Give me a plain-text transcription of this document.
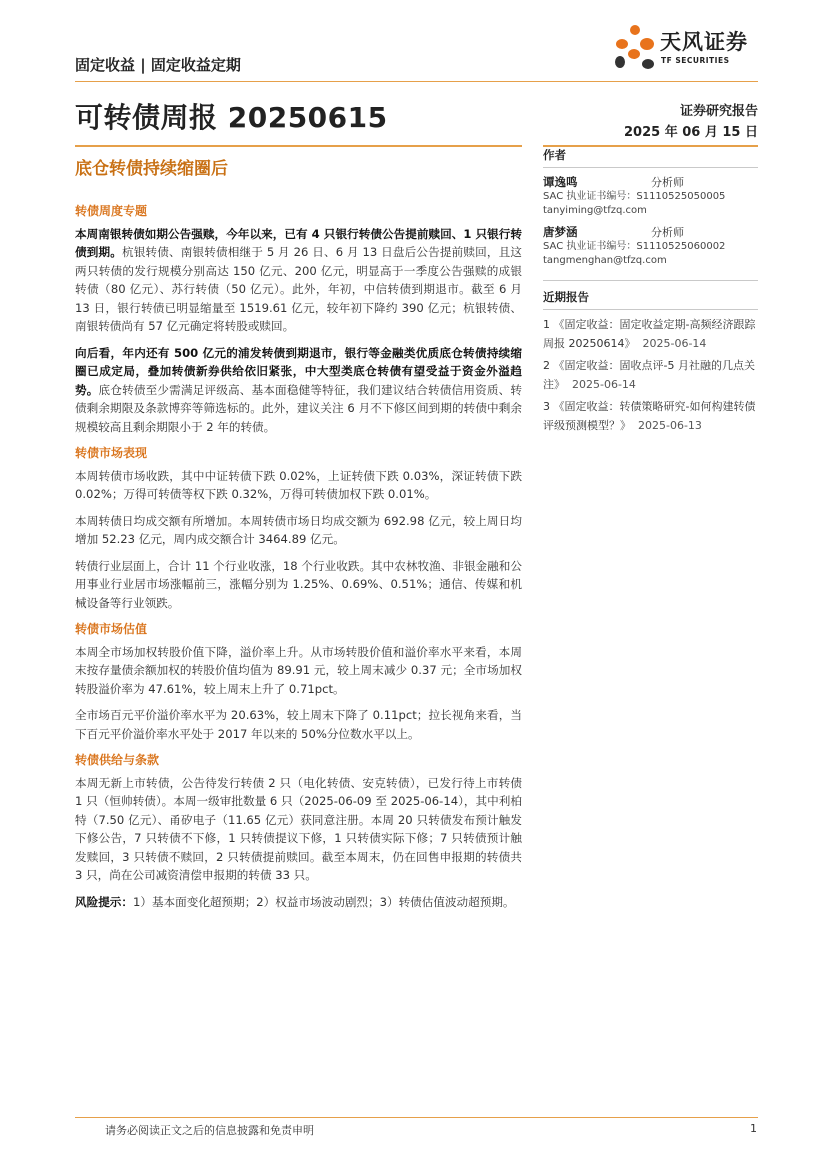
固定收益 | 固定收益定期
天风证券
TF SECURITIES
可转债周报 20250615	证券研究报告
2025 年 06 月 15 日
底仓转债持续缩圈后
转债周度专题

本周南银转债如期公告强赎，今年以来，已有 4 只银行转债公告提前赎回、1 只银行转债到期。杭银转债、南银转债相继于 5 月 26 日、6 月 13 日盘后公告提前赎回，且这两只转债的发行规模分别高达 150 亿元、200 亿元，明显高于一季度公告强赎的成银转债（80 亿元）、苏行转债（50 亿元）。此外，年初，中信转债到期退市。截至 6 月 13 日，银行转债已明显缩量至 1519.61 亿元，较年初下降约 390 亿元；杭银转债、南银转债尚有 57 亿元确定将转股或赎回。

向后看，年内还有 500 亿元的浦发转债到期退市，银行等金融类优质底仓转债持续缩圈已成定局，叠加转债新券供给依旧紧张，中大型类底仓转债有望受益于资金外溢趋势。底仓转债至少需满足评级高、基本面稳健等特征，我们建议结合转债信用资质、转债剩余期限及条款博弈等筛选标的。此外，建议关注 6 月不下修区间到期的转债中剩余规模较高且剩余期限小于 2 年的转债。

转债市场表现

本周转债市场收跌，其中中证转债下跌 0.02%，上证转债下跌 0.03%，深证转债下跌 0.02%；万得可转债等权下跌 0.32%，万得可转债加权下跌 0.01%。

本周转债日均成交额有所增加。本周转债市场日均成交额为 692.98 亿元，较上周日均增加 52.23 亿元，周内成交额合计 3464.89 亿元。

转债行业层面上，合计 11 个行业收涨，18 个行业收跌。其中农林牧渔、非银金融和公用事业行业居市场涨幅前三，涨幅分别为 1.25%、0.69%、0.51%；通信、传媒和机械设备等行业领跌。

转债市场估值

本周全市场加权转股价值下降，溢价率上升。从市场转股价值和溢价率水平来看，本周末按存量债余额加权的转股价值均值为 89.91 元，较上周末减少 0.37 元；全市场加权转股溢价率为 47.61%，较上周末上升了 0.71pct。

全市场百元平价溢价率水平为 20.63%，较上周末下降了 0.11pct；拉长视角来看，当下百元平价溢价率水平处于 2017 年以来的 50%分位数水平以上。

转债供给与条款

本周无新上市转债，公告待发行转债 2 只（电化转债、安克转债），已发行待上市转债 1 只（恒帅转债）。本周一级审批数量 6 只（2025-06-09 至 2025-06-14），其中利柏特（7.50 亿元）、甬矽电子（11.65 亿元）获同意注册。本周 20 只转债发布预计触发下修公告，7 只转债不下修，1 只转债提议下修，1 只转债实际下修；7 只转债预计触发赎回，3 只转债不赎回，2 只转债提前赎回。截至本周末，仍在回售申报期的转债共 3 只，尚在公司减资清偿申报期的转债 33 只。

风险提示：1）基本面变化超预期；2）权益市场波动剧烈；3）转债估值波动超预期。

作者
谭逸鸣	分析师
SAC 执业证书编号：S1110525050005
tanyiming@tfzq.com
唐梦涵	分析师
SAC 执业证书编号：S1110525060002
tangmenghan@tfzq.com
近期报告
1 《固定收益：固定收益定期-高频经济跟踪周报 20250614》 2025-06-14
2 《固定收益：固收点评-5 月社融的几点关注》 2025-06-14
3 《固定收益：转债策略研究-如何构建转债评级预测模型？》 2025-06-13
请务必阅读正文之后的信息披露和免责申明	1
